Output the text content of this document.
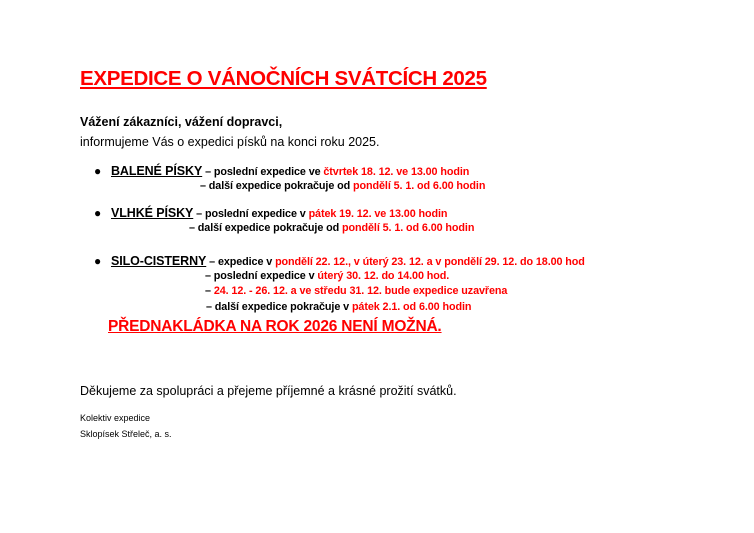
EXPEDICE O VÁNOČNÍCH SVÁTCÍCH 2025
Vážení zákazníci, vážení dopravci,
informujeme Vás o expedici písků na konci roku 2025.
● BALENÉ PÍSKY – poslední expedice ve čtvrtek 18. 12. ve 13.00 hodin
– další expedice pokračuje od pondělí 5. 1. od 6.00 hodin
● VLHKÉ PÍSKY – poslední expedice v pátek 19. 12. ve 13.00 hodin
– další expedice pokračuje od pondělí 5. 1. od 6.00 hodin
● SILO-CISTERNY – expedice v pondělí 22. 12., v úterý 23. 12. a v pondělí 29. 12. do 18.00 hod
– poslední expedice v úterý 30. 12. do 14.00 hod.
– 24. 12. - 26. 12. a ve středu 31. 12. bude expedice uzavřena
– další expedice pokračuje v pátek 2.1. od 6.00 hodin
PŘEDNAKLÁDKA NA ROK 2026 NENÍ MOŽNÁ.
Děkujeme za spolupráci a přejeme příjemné a krásné prožití svátků.
Kolektiv expedice
Sklopísek Střeleč, a. s.
